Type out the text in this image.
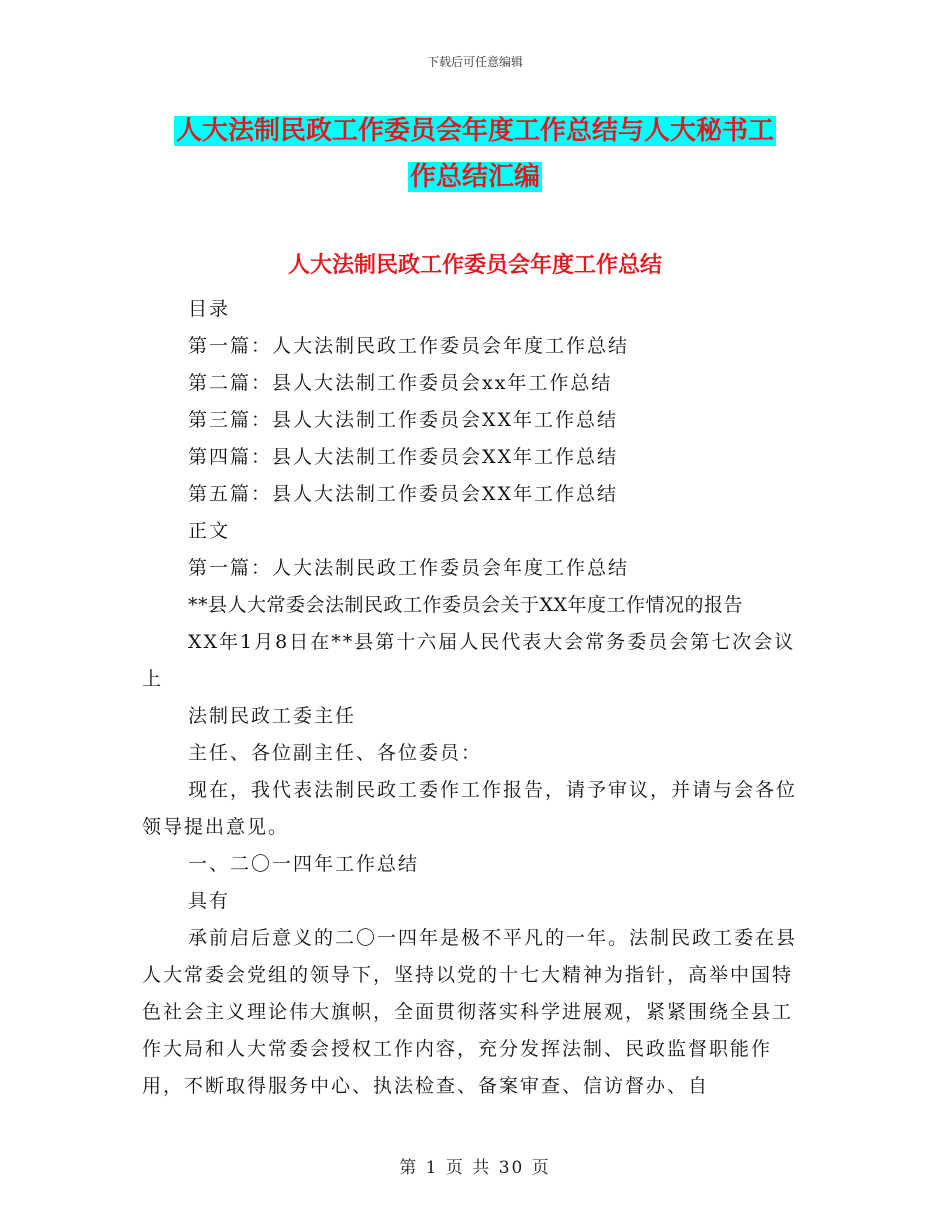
下载后可任意编辑
人大法制民政工作委员会年度工作总结与人大秘书工
作总结汇编
人大法制民政工作委员会年度工作总结

目录

第一篇：人大法制民政工作委员会年度工作总结

第二篇：县人大法制工作委员会xx年工作总结

第三篇：县人大法制工作委员会XX年工作总结

第四篇：县人大法制工作委员会XX年工作总结

第五篇：县人大法制工作委员会XX年工作总结

正文

第一篇：人大法制民政工作委员会年度工作总结

**县人大常委会法制民政工作委员会关于XX年度工作情况的报告

XX年1月8日在**县第十六届人民代表大会常务委员会第七次会议上

法制民政工委主任

主任、各位副主任、各位委员：

现在，我代表法制民政工委作工作报告，请予审议，并请与会各位领导提出意见。

一、二〇一四年工作总结

具有

承前启后意义的二〇一四年是极不平凡的一年。法制民政工委在县人大常委会党组的领导下，坚持以党的十七大精神为指针，高举中国特色社会主义理论伟大旗帜，全面贯彻落实科学进展观，紧紧围绕全县工作大局和人大常委会授权工作内容，充分发挥法制、民政监督职能作用，不断取得服务中心、执法检查、备案审查、信访督办、自

第 1 页 共 30 页
